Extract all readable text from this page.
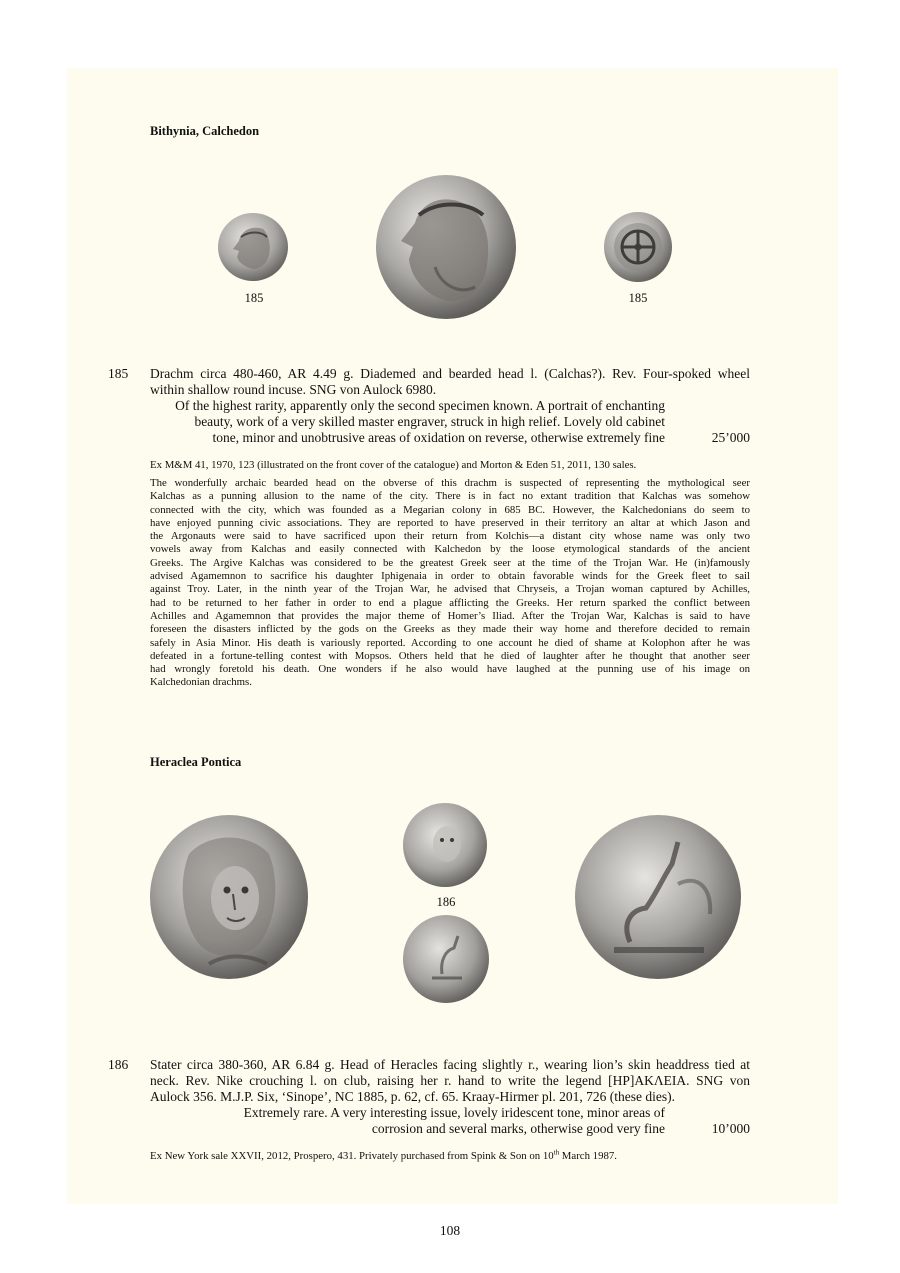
Bithynia, Calchedon
185	185
185 Drachm circa 480-460, AR 4.49 g. Diademed and bearded head l. (Calchas?). Rev. Four-spoked wheel

within shallow round incuse. SNG von Aulock 6980.

Of the highest rarity, apparently only the second specimen known. A portrait of enchanting

beauty, work of a very skilled master engraver, struck in high relief. Lovely old cabinet

tone, minor and unobtrusive areas of oxidation on reverse, otherwise extremely fine	25’000
Ex M&M 41, 1970, 123 (illustrated on the front cover of the catalogue) and Morton & Eden 51, 2011, 130 sales.

The wonderfully archaic bearded head on the obverse of this drachm is suspected of representing the mythological seer

Kalchas as a punning allusion to the name of the city. There is in fact no extant tradition that Kalchas was somehow

connected with the city, which was founded as a Megarian colony in 685 BC. However, the Kalchedonians do seem to

have enjoyed punning civic associations. They are reported to have preserved in their territory an altar at which Jason and

the Argonauts were said to have sacrificed upon their return from Kolchis—a distant city whose name was only two

vowels away from Kalchas and easily connected with Kalchedon by the loose etymological standards of the ancient

Greeks. The Argive Kalchas was considered to be the greatest Greek seer at the time of the Trojan War. He (in)famously

advised Agamemnon to sacrifice his daughter Iphigenaia in order to obtain favorable winds for the Greek fleet to sail

against Troy. Later, in the ninth year of the Trojan War, he advised that Chryseis, a Trojan woman captured by Achilles,

had to be returned to her father in order to end a plague afflicting the Greeks. Her return sparked the conflict between

Achilles and Agamemnon that provides the major theme of Homer’s Iliad. After the Trojan War, Kalchas is said to have

foreseen the disasters inflicted by the gods on the Greeks as they made their way home and therefore decided to remain

safely in Asia Minor. His death is variously reported. According to one account he died of shame at Kolophon after he was

defeated in a fortune-telling contest with Mopsos. Others held that he died of laughter after he thought that another seer

had wrongly foretold his death. One wonders if he also would have laughed at the punning use of his image on

Kalchedonian drachms.

Heraclea Pontica
186
186 Stater circa 380-360, AR 6.84 g. Head of Heracles facing slightly r., wearing lion’s skin headdress tied at

neck. Rev. Nike crouching l. on club, raising her r. hand to write the legend [HP]ΑΚΛΕΙΑ. SNG von

Aulock 356. M.J.P. Six, ‘Sinope’, NC 1885, p. 62, cf. 65. Kraay-Hirmer pl. 201, 726 (these dies).

Extremely rare. A very interesting issue, lovely iridescent tone, minor areas of

corrosion and several marks, otherwise good very fine	10’000
Ex New York sale XXVII, 2012, Prospero, 431. Privately purchased from Spink & Son on 10th March 1987.
108
